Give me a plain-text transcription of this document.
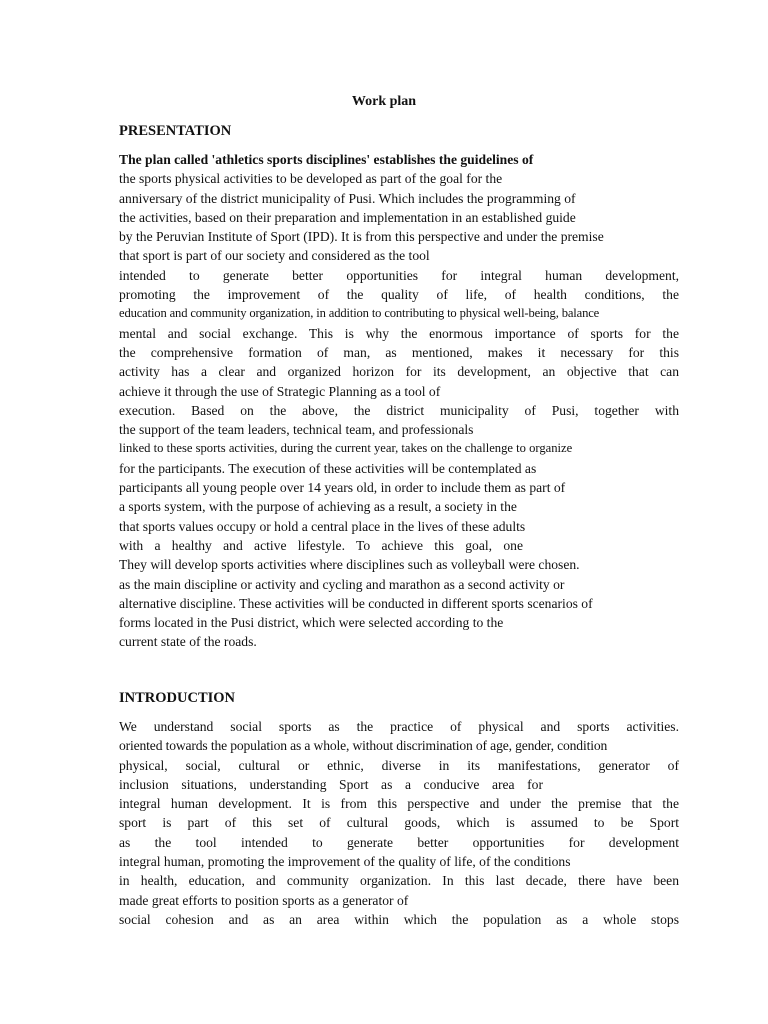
Work plan
PRESENTATION
The plan called 'athletics sports disciplines' establishes the guidelines of
the sports physical activities to be developed as part of the goal for the
anniversary of the district municipality of Pusi. Which includes the programming of
the activities, based on their preparation and implementation in an established guide
by the Peruvian Institute of Sport (IPD). It is from this perspective and under the premise
that sport is part of our society and considered as the tool
intended to generate better opportunities for integral human development,
promoting the improvement of the quality of life, of health conditions, the
education and community organization, in addition to contributing to physical well-being, balance
mental and social exchange. This is why the enormous importance of sports for the
the comprehensive formation of man, as mentioned, makes it necessary for this
activity has a clear and organized horizon for its development, an objective that can
achieve it through the use of Strategic Planning as a tool of
execution. Based on the above, the district municipality of Pusi, together with
the support of the team leaders, technical team, and professionals
linked to these sports activities, during the current year, takes on the challenge to organize
for the participants. The execution of these activities will be contemplated as
participants all young people over 14 years old, in order to include them as part of
a sports system, with the purpose of achieving as a result, a society in the
that sports values occupy or hold a central place in the lives of these adults
with a healthy and active lifestyle. To achieve this goal, one
They will develop sports activities where disciplines such as volleyball were chosen.
as the main discipline or activity and cycling and marathon as a second activity or
alternative discipline. These activities will be conducted in different sports scenarios of
forms located in the Pusi district, which were selected according to the
current state of the roads.
INTRODUCTION
We understand social sports as the practice of physical and sports activities.
oriented towards the population as a whole, without discrimination of age, gender, condition
physical, social, cultural or ethnic, diverse in its manifestations, generator of
inclusion situations, understanding Sport as a conducive area for
integral human development. It is from this perspective and under the premise that the
sport is part of this set of cultural goods, which is assumed to be Sport
as the tool intended to generate better opportunities for development
integral human, promoting the improvement of the quality of life, of the conditions
in health, education, and community organization. In this last decade, there have been
made great efforts to position sports as a generator of
social cohesion and as an area within which the population as a whole stops
